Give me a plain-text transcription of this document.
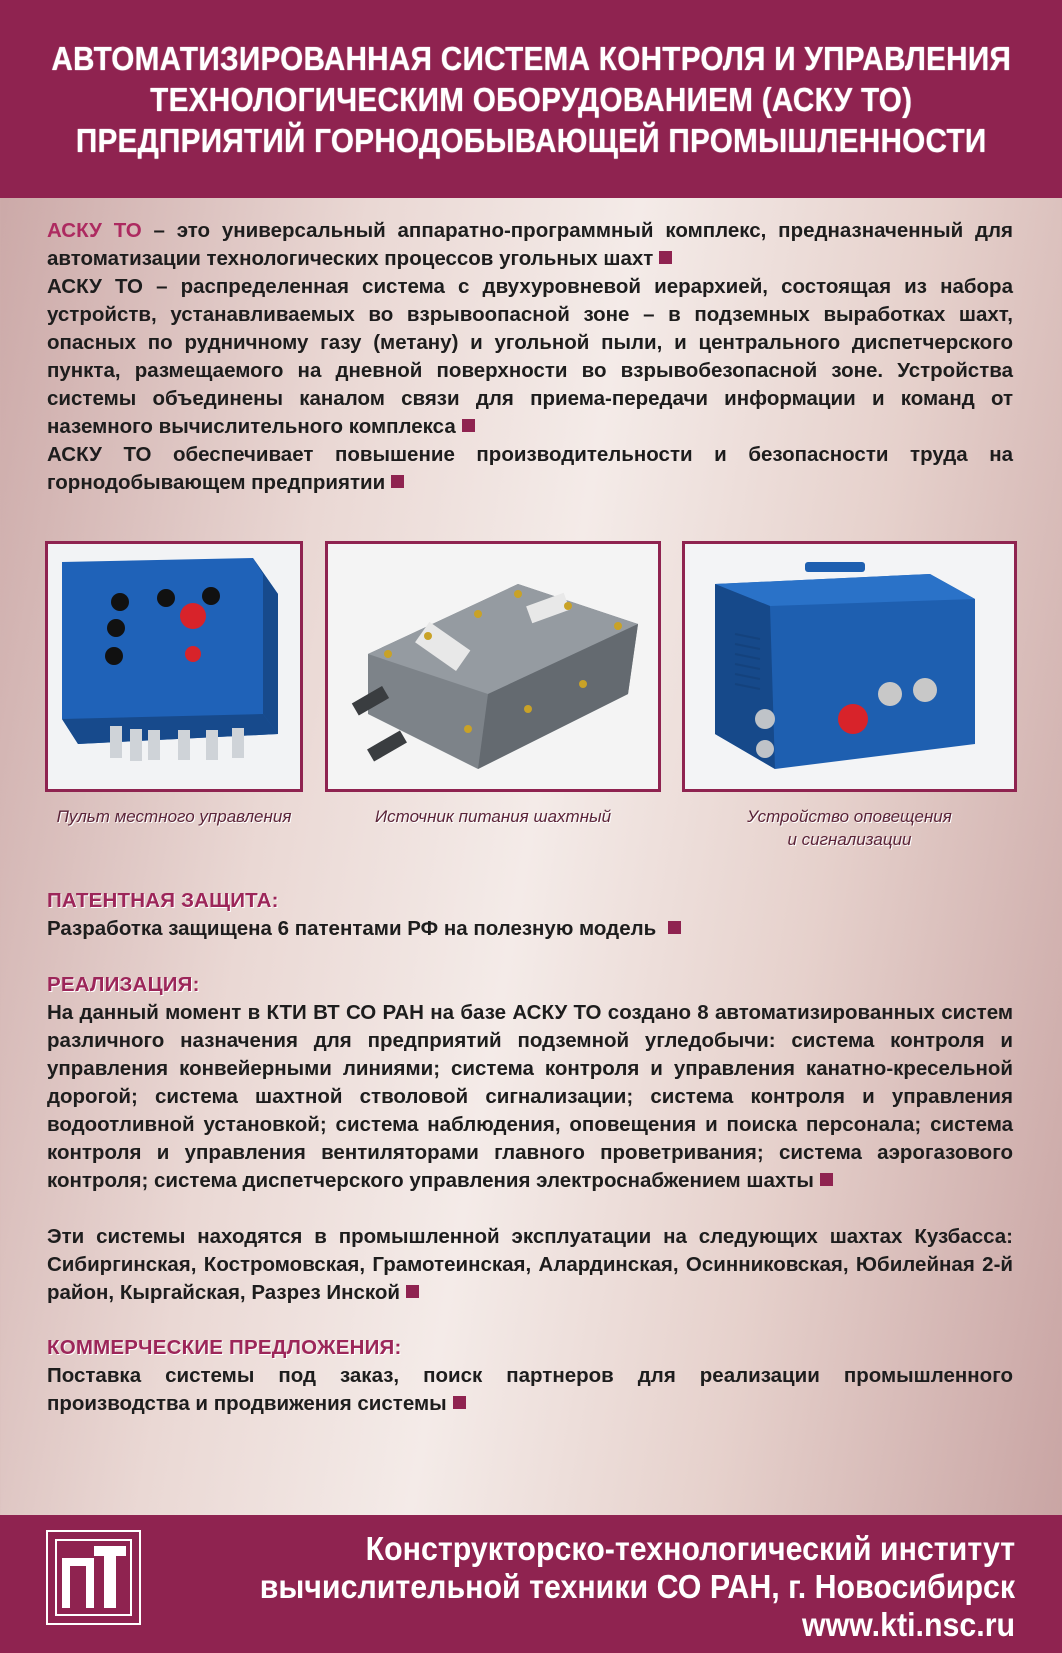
АВТОМАТИЗИРОВАННАЯ СИСТЕМА КОНТРОЛЯ И УПРАВЛЕНИЯ
ТЕХНОЛОГИЧЕСКИМ ОБОРУДОВАНИЕМ (АСКУ ТО)
ПРЕДПРИЯТИЙ ГОРНОДОБЫВАЮЩЕЙ ПРОМЫШЛЕННОСТИ

АСКУ ТО – это универсальный аппаратно-программный комплекс, предназначенный для автоматизации технологических процессов угольных шахт

АСКУ ТО – распределенная система с двухуровневой иерархией, состоящая из набора устройств, устанавливаемых во взрывоопасной зоне – в подземных выработках шахт, опасных по рудничному газу (метану) и угольной пыли, и центрального диспетчерского пункта, размещаемого на дневной поверхности во взрывобезопасной зоне. Устройства системы объединены каналом связи для приема-передачи информации и команд от наземного вычислительного комплекса

АСКУ ТО обеспечивает повышение производительности и безопасности труда на горнодобывающем предприятии

Пульт местного управления	Источник питания шахтный	Устройство оповещения
и сигнализации

ПАТЕНТНАЯ ЗАЩИТА:

Разработка защищена 6 патентами РФ на полезную модель

РЕАЛИЗАЦИЯ:

На данный момент в КТИ ВТ СО РАН на базе АСКУ ТО создано 8 автоматизированных систем различного назначения для предприятий подземной угледобычи: система контроля и управления конвейерными линиями; система контроля и управления канатно-кресельной дорогой; система шахтной стволовой сигнализации; система контроля и управления водоотливной установкой; система наблюдения, оповещения и поиска персонала; система контроля и управления вентиляторами главного проветривания; система аэрогазового контроля; система диспетчерского управления электроснабжением шахты

Эти системы находятся в промышленной эксплуатации на следующих шахтах Кузбасса: Сибиргинская, Костромовская, Грамотеинская, Алардинская, Осинниковская, Юбилейная 2-й район, Кыргайская, Разрез Инской

КОММЕРЧЕСКИЕ ПРЕДЛОЖЕНИЯ:

Поставка системы под заказ, поиск партнеров для реализации промышленного производства и продвижения системы

Конструкторско-технологический институт
вычислительной техники СО РАН, г. Новосибирск
www.kti.nsc.ru
